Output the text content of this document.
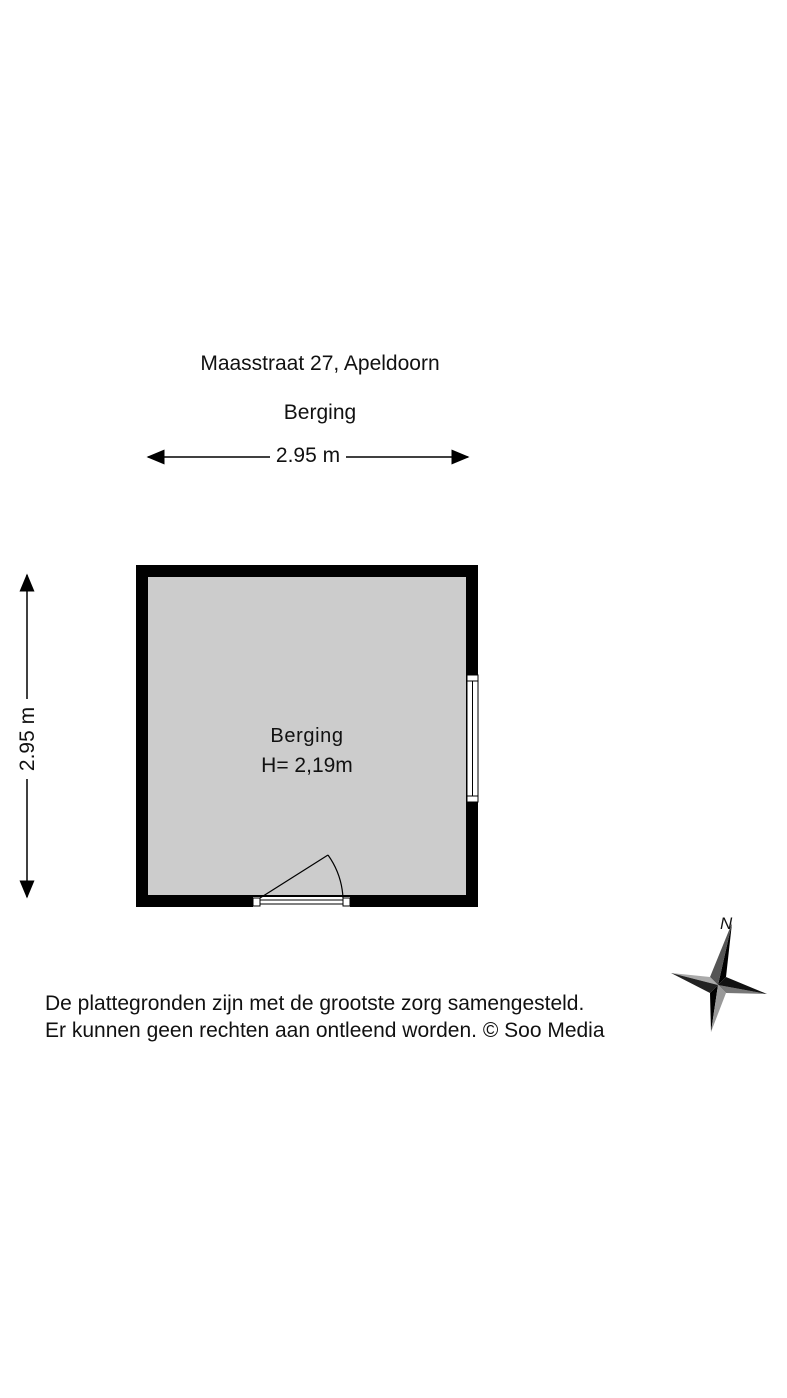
Maasstraat 27, Apeldoorn
Berging
2.95 m
2.95 m	Berging
H= 2,19m
N
De plattegronden zijn met de grootste zorg samengesteld.
Er kunnen geen rechten aan ontleend worden. © Soo Media
